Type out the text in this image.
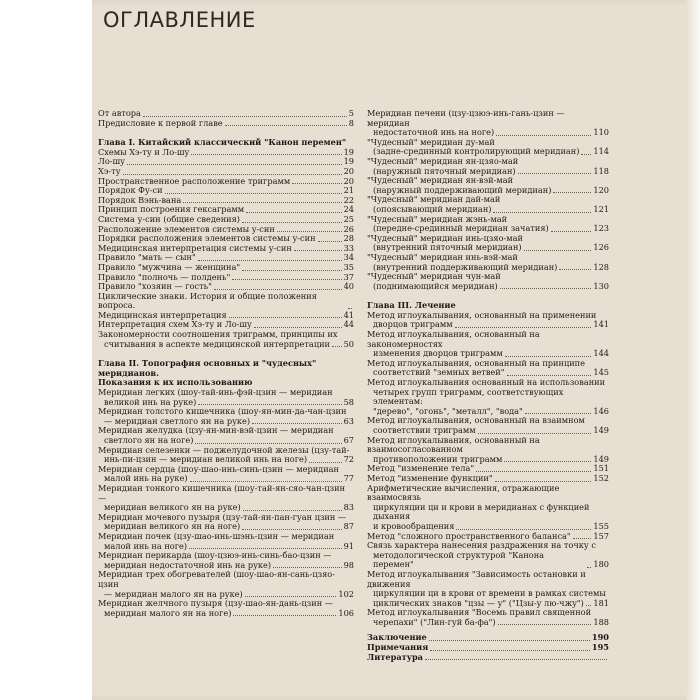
ОГЛАВЛЕНИЕ
От автора	5
Предисловие к первой главе	8
Глава I. Китайский классический "Канон перемен"
Схемы Хэ-ту и Ло-шу	19
Ло-шу	19
Хэ-ту	20
Пространственное расположение триграмм	20
Порядок Фу-си	21
Порядок Вэнь-вана	22
Принцип построения гексаграмм	24
Система у-син (общие сведения)	25
Расположение элементов системы у-син	26
Порядки расположения элементов системы у-син	28
Медицинская интерпретация системы у-син	33
Правило "мать — сын"	34
Правило "мужчина — женщина"	35
Правило "полночь — полдень"	37
Правило "хозяин — гость"	40
Циклические знаки. История и общие положения вопроса.
Медицинская интерпретация	41
Интерпретация схем Хэ-ту и Ло-шу	44
Закономерности соотношения триграмм, принципы их
считывания в аспекте медицинской интерпретации 50
Глава II. Топография основных и "чудесных" меридианов.
Показания к их использованию
Меридиан легких (шоу-тай-инь-фэй-цзин — меридиан
великой инь на руке)	58
Меридиан толстого кишечника (шоу-ян-мин-да-чан-цзин
— меридиан светлого ян на руке)	63
Меридиан желудка (цзу-ян-мин-вэй-цзин — меридиан
светлого ян на ноге)	67
Меридиан селезенки — поджелудочной железы (цзу-тай-
инь-пи-цзин — меридиан великой инь на ноге)	72
Меридиан сердца (шоу-шао-инь-синь-цзин — меридиан
малой инь на руке)	77
Меридиан тонкого кишечника (шоу-тай-ян-сяо-чан-цзин —
меридиан великого ян на руке)	83
Меридиан мочевого пузыря (цзу-тай-ян-пан-гуан цзин —
меридиан великого ян на ноге)	87
Меридиан почек (цзу-шао-инь-шэнь-цзин — меридиан
малой инь на ноге)	91
Меридиан перикарда (шоу-цзюэ-инь-синь-бао-цзин —
меридиан недостаточной инь на руке)	98
Меридиан трех обогревателей (шоу-шао-ян-сань-цзяо-цзин
— меридиан малого ян на руке)	102
Меридиан желчного пузыря (цзу-шао-ян-дань-цзин —
меридиан малого ян на ноге)	106
Меридиан печени (цзу-цзюэ-инь-гань-цзин — меридиан
недостаточной инь на ноге)	110
"Чудесный" меридиан ду-май
(задне-срединный контролирующий меридиан) 114
"Чудесный" меридиан ян-цзяо-май
(наружный пяточный меридиан)	118
"Чудесный" меридиан ян-вэй-май
(наружный поддерживающий меридиан)	120
"Чудесный" меридиан дай-май
(опоясывающий меридиан)	121
"Чудесный" меридиан жэнь-май
(передне-срединный меридиан зачатия)	123
"Чудесный" меридиан инь-цзяо-май
(внутренний пяточный меридиан)	126
"Чудесный" меридиан инь-вэй-май
(внутренний поддерживающий меридиан)	128
"Чудесный" меридиан чун-май
(поднимающийся меридиан)	130
Глава III. Лечение
Метод иглоукалывания, основанный на применении
дворцов триграмм	141
Метод иглоукалывания, основанный на закономерностях
изменения дворцов триграмм	144
Метод иглоукалывания, основанный на принципе
соответствий "земных ветвей"	145
Метод иглоукалывания основанный на использовании
четырех групп триграмм, соответствующих элементам:
"дерево", "огонь", "металл", "вода"	146
Метод иглоукалывания, основанный на взаимном
соответствии триграмм	149
Метод иглоукалывания, основанный на взаимосогласованном
противоположении триграмм	149
Метод "изменение тела"	151
Метод "изменение функции"	152
Арифметические вычисления, отражающие взаимосвязь
циркуляции ци и крови в меридианах с функцией дыхания
и кровообращения	155
Метод "сложного пространственного баланса"	157
Связь характера нанесения раздражения на точку с
методологической структурой "Канона перемен"	180
Метод иглоукалывания "Зависимость остановки и движения
циркуляции ци в крови от времени в рамках системы
циклических знаков "цзы — у" ("Цзы-у лю-чжу") 181
Метод иглоукалывания "Восемь правил священной
черепахи" ("Лин-гуй ба-фа")	188
Заключение	190
Примечания	195
Литература
